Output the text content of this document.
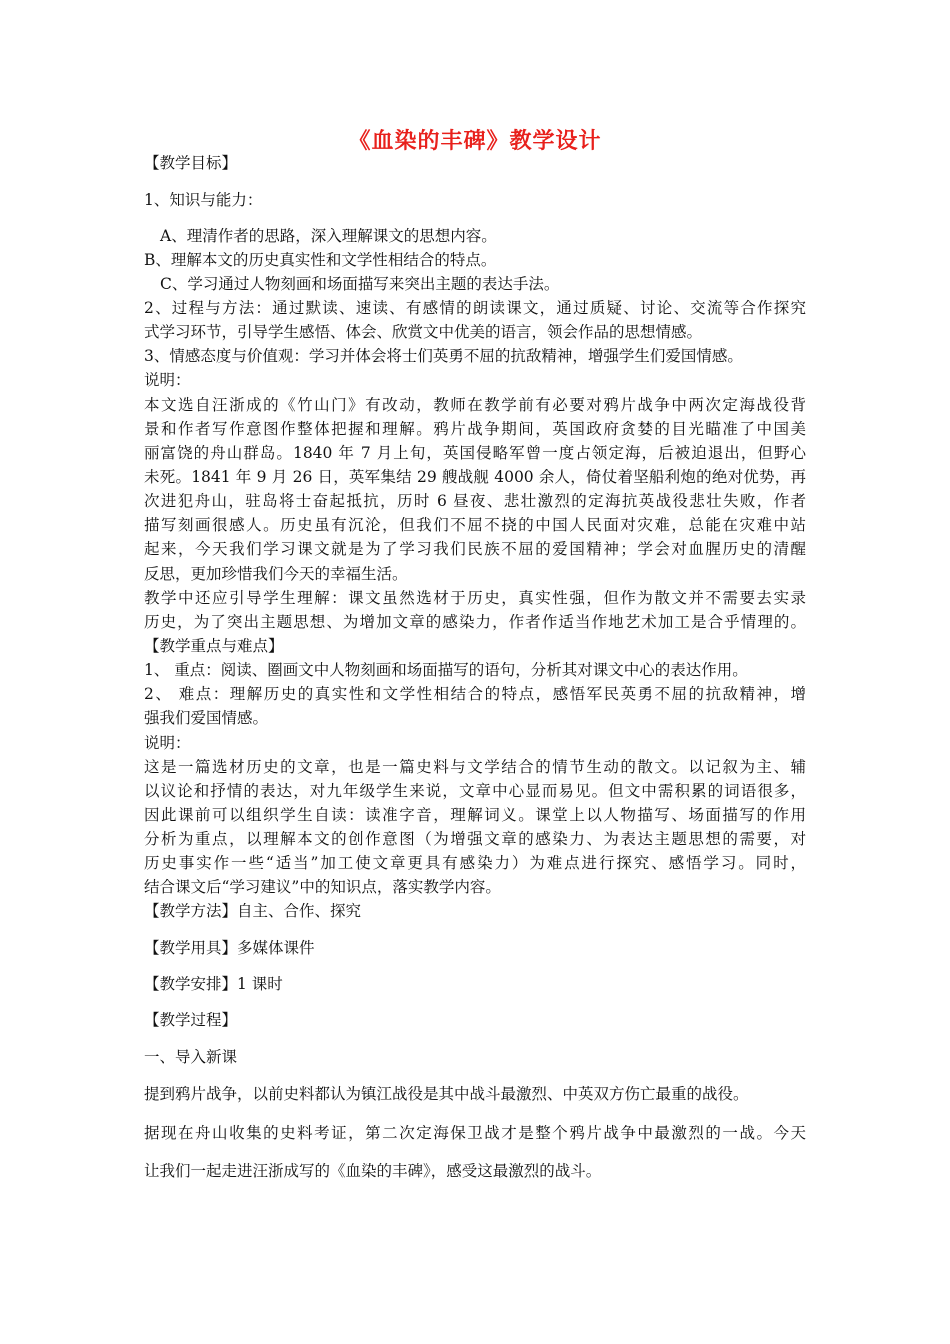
《血染的丰碑》教学设计
【教学目标】
1、知识与能力：
A、理清作者的思路，深入理解课文的思想内容。
B、理解本文的历史真实性和文学性相结合的特点。
C、学习通过人物刻画和场面描写来突出主题的表达手法。
2、过程与方法：通过默读、速读、有感情的朗读课文，通过质疑、讨论、交流等合作探究
式学习环节，引导学生感悟、体会、欣赏文中优美的语言，领会作品的思想情感。
3、情感态度与价值观：学习并体会将士们英勇不屈的抗敌精神，增强学生们爱国情感。
说明：
本文选自汪浙成的《竹山门》有改动，教师在教学前有必要对鸦片战争中两次定海战役背
景和作者写作意图作整体把握和理解。鸦片战争期间，英国政府贪婪的目光瞄准了中国美
丽富饶的舟山群岛。1840 年 7 月上旬，英国侵略军曾一度占领定海，后被迫退出，但野心
未死。1841 年 9 月 26 日，英军集结 29 艘战舰 4000 余人，倚仗着坚船利炮的绝对优势，再
次进犯舟山，驻岛将士奋起抵抗，历时 6 昼夜、悲壮激烈的定海抗英战役悲壮失败，作者
描写刻画很感人。历史虽有沉沦，但我们不屈不挠的中国人民面对灾难，总能在灾难中站
起来，今天我们学习课文就是为了学习我们民族不屈的爱国精神；学会对血腥历史的清醒
反思，更加珍惜我们今天的幸福生活。
教学中还应引导学生理解：课文虽然选材于历史，真实性强，但作为散文并不需要去实录
历史，为了突出主题思想、为增加文章的感染力，作者作适当作地艺术加工是合乎情理的。
【教学重点与难点】
1、 重点：阅读、圈画文中人物刻画和场面描写的语句，分析其对课文中心的表达作用。
2、 难点：理解历史的真实性和文学性相结合的特点，感悟军民英勇不屈的抗敌精神，增
强我们爱国情感。
说明：
这是一篇选材历史的文章，也是一篇史料与文学结合的情节生动的散文。以记叙为主、辅
以议论和抒情的表达，对九年级学生来说，文章中心显而易见。但文中需积累的词语很多，
因此课前可以组织学生自读：读准字音，理解词义。课堂上以人物描写、场面描写的作用
分析为重点，以理解本文的创作意图（为增强文章的感染力、为表达主题思想的需要，对
历史事实作一些“适当”加工使文章更具有感染力）为难点进行探究、感悟学习。同时，
结合课文后“学习建议”中的知识点，落实教学内容。
【教学方法】自主、合作、探究
【教学用具】多媒体课件
【教学安排】1 课时
【教学过程】
一、导入新课
提到鸦片战争，以前史料都认为镇江战役是其中战斗最激烈、中英双方伤亡最重的战役。
据现在舟山收集的史料考证，第二次定海保卫战才是整个鸦片战争中最激烈的一战。今天
让我们一起走进汪浙成写的《血染的丰碑》，感受这最激烈的战斗。
